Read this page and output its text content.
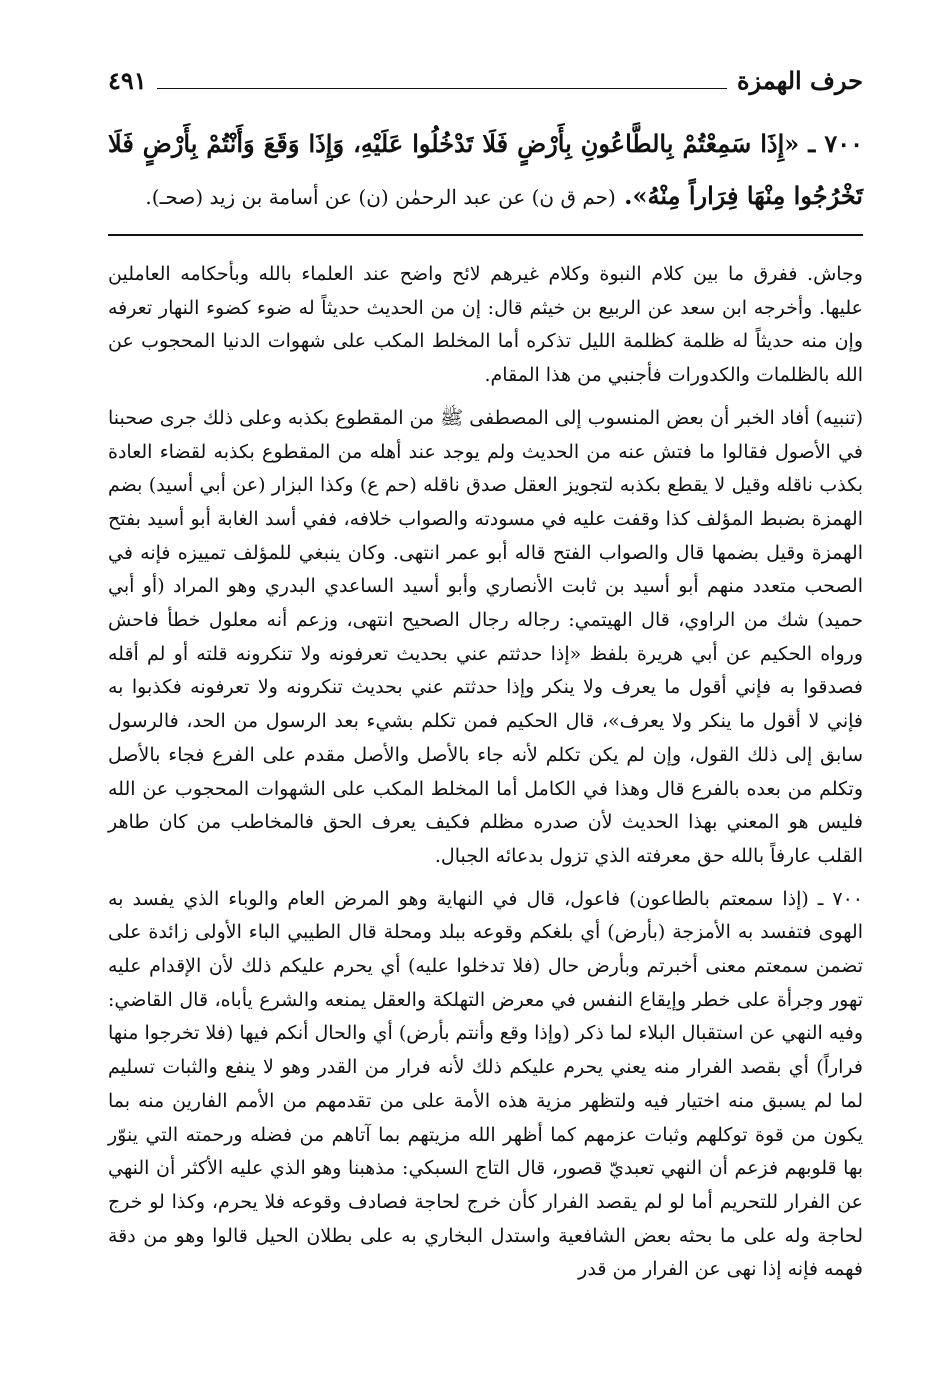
حرف الهمزة
٤٩١
٧٠٠ ـ «إِذَا سَمِعْتُمْ بِالطَّاعُونِ بِأَرْضٍ فَلَا تَدْخُلُوا عَلَيْهِ، وَإِذَا وَقَعَ وَأَنْتُمْ بِأَرْضٍ فَلَا تَخْرُجُوا مِنْهَا فِرَاراً مِنْهُ». (حم ق ن) عن عبد الرحمٰن (ن) عن أسامة بن زيد (صحـ).

وجاش. ففرق ما بين كلام النبوة وكلام غيرهم لائح واضح عند العلماء بالله وبأحكامه العاملين عليها. وأخرجه ابن سعد عن الربيع بن خيثم قال: إن من الحديث حديثاً له ضوء كضوء النهار تعرفه وإن منه حديثاً له ظلمة كظلمة الليل تذكره أما المخلط المكب على شهوات الدنيا المحجوب عن الله بالظلمات والكدورات فأجنبي من هذا المقام.

(تنبيه) أفاد الخبر أن بعض المنسوب إلى المصطفى ﷺ من المقطوع بكذبه وعلى ذلك جرى صحبنا في الأصول فقالوا ما فتش عنه من الحديث ولم يوجد عند أهله من المقطوع بكذبه لقضاء العادة بكذب ناقله وقيل لا يقطع بكذبه لتجويز العقل صدق ناقله (حم ع) وكذا البزار (عن أبي أسيد) بضم الهمزة بضبط المؤلف كذا وقفت عليه في مسودته والصواب خلافه، ففي أسد الغابة أبو أسيد بفتح الهمزة وقيل بضمها قال والصواب الفتح قاله أبو عمر انتهى. وكان ينبغي للمؤلف تمييزه فإنه في الصحب متعدد منهم أبو أسيد بن ثابت الأنصاري وأبو أسيد الساعدي البدري وهو المراد (أو أبي حميد) شك من الراوي، قال الهيتمي: رجاله رجال الصحيح انتهى، وزعم أنه معلول خطأ فاحش ورواه الحكيم عن أبي هريرة بلفظ «إذا حدثتم عني بحديث تعرفونه ولا تنكرونه قلته أو لم أقله فصدقوا به فإني أقول ما يعرف ولا ينكر وإذا حدثتم عني بحديث تنكرونه ولا تعرفونه فكذبوا به فإني لا أقول ما ينكر ولا يعرف»، قال الحكيم فمن تكلم بشيء بعد الرسول من الحد، فالرسول سابق إلى ذلك القول، وإن لم يكن تكلم لأنه جاء بالأصل والأصل مقدم على الفرع فجاء بالأصل وتكلم من بعده بالفرع قال وهذا في الكامل أما المخلط المكب على الشهوات المحجوب عن الله فليس هو المعني بهذا الحديث لأن صدره مظلم فكيف يعرف الحق فالمخاطب من كان طاهر القلب عارفاً بالله حق معرفته الذي تزول بدعائه الجبال.

٧٠٠ ـ (إذا سمعتم بالطاعون) فاعول، قال في النهاية وهو المرض العام والوباء الذي يفسد به الهوى فتفسد به الأمزجة (بأرض) أي بلغكم وقوعه ببلد ومحلة قال الطيبي الباء الأولى زائدة على تضمن سمعتم معنى أخبرتم وبأرض حال (فلا تدخلوا عليه) أي يحرم عليكم ذلك لأن الإقدام عليه تهور وجرأة على خطر وإيقاع النفس في معرض التهلكة والعقل يمنعه والشرع يأباه، قال القاضي: وفيه النهي عن استقبال البلاء لما ذكر (وإذا وقع وأنتم بأرض) أي والحال أنكم فيها (فلا تخرجوا منها فراراً) أي بقصد الفرار منه يعني يحرم عليكم ذلك لأنه فرار من القدر وهو لا ينفع والثبات تسليم لما لم يسبق منه اختيار فيه ولتظهر مزية هذه الأمة على من تقدمهم من الأمم الفارين منه بما يكون من قوة توكلهم وثبات عزمهم كما أظهر الله مزيتهم بما آتاهم من فضله ورحمته التي ينوّر بها قلوبهم فزعم أن النهي تعبديّ قصور، قال التاج السبكي: مذهبنا وهو الذي عليه الأكثر أن النهي عن الفرار للتحريم أما لو لم يقصد الفرار كأن خرج لحاجة فصادف وقوعه فلا يحرم، وكذا لو خرج لحاجة وله على ما بحثه بعض الشافعية واستدل البخاري به على بطلان الحيل قالوا وهو من دقة فهمه فإنه إذا نهى عن الفرار من قدر
